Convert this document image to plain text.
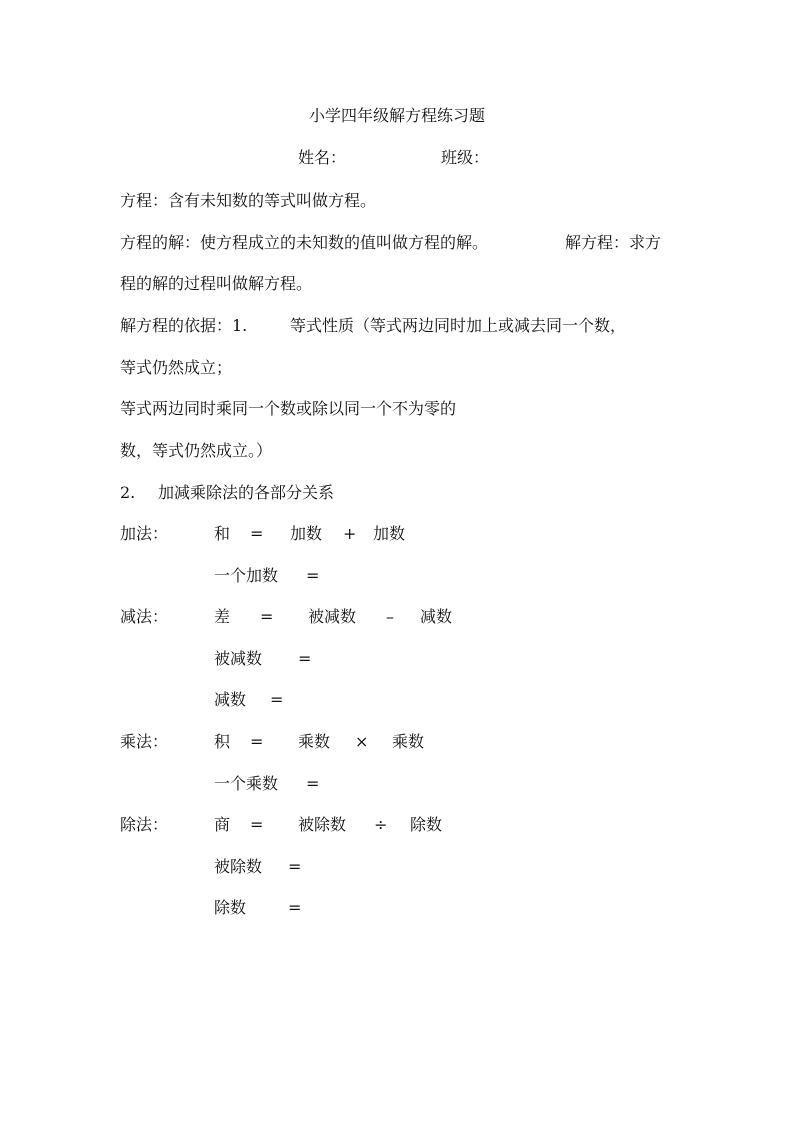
小学四年级解方程练习题
姓名：	班级：
方程：含有未知数的等式叫做方程。
方程的解：使方程成立的未知数的值叫做方程的解。	解方程：求方
程的解的过程叫做解方程。
解方程的依据：1.	等式性质（等式两边同时加上或减去同一个数，
等式仍然成立；
等式两边同时乘同一个数或除以同一个不为零的
数，等式仍然成立。）
2. 加减乘除法的各部分关系
加法：	和 = 加数 + 加数
一个加数 =
减法：	差 = 被减数 – 减数
被减数 =
减数 =
乘法：	积 = 乘数 × 乘数
一个乘数 =
除法：	商 = 被除数 ÷ 除数
被除数 =
除数	=
